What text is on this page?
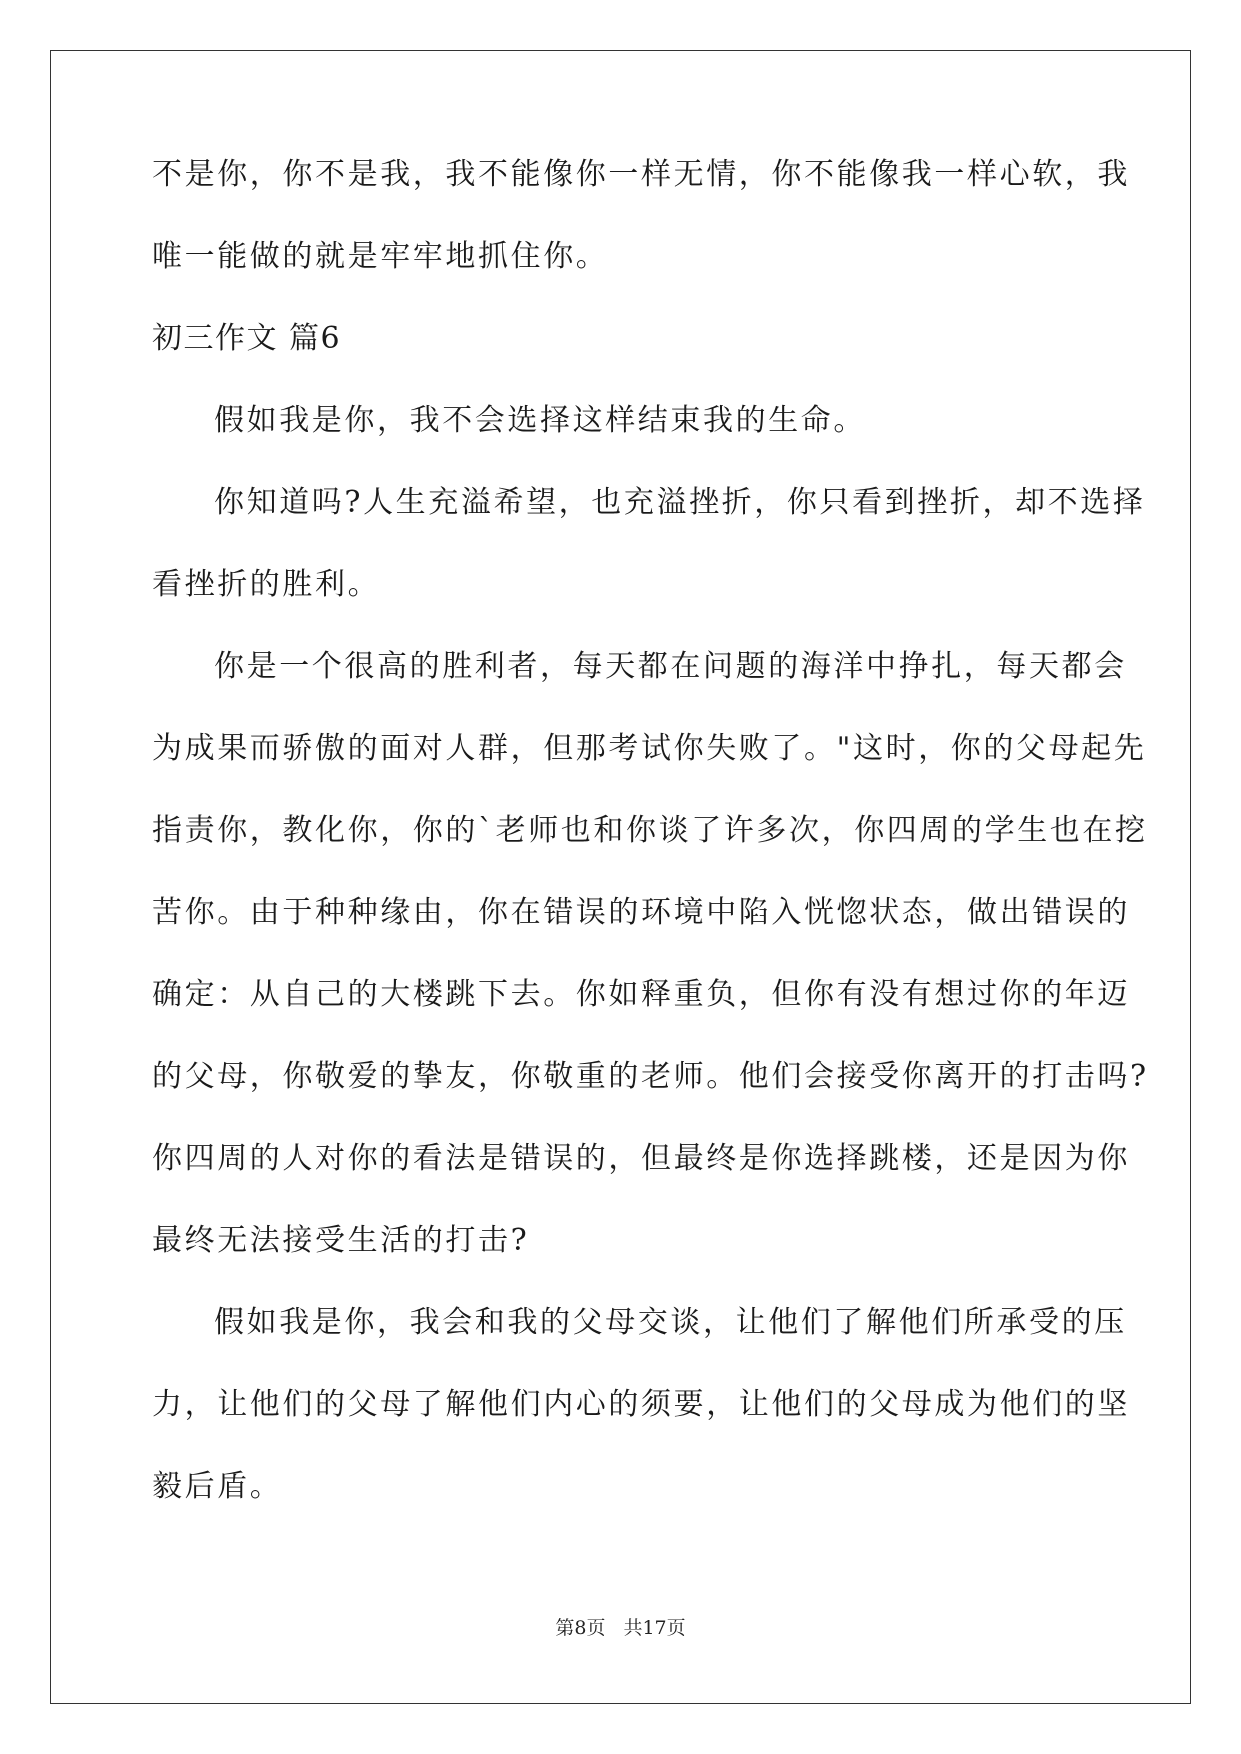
不是你，你不是我，我不能像你一样无情，你不能像我一样心软，我
唯一能做的就是牢牢地抓住你。
初三作文 篇6
假如我是你，我不会选择这样结束我的生命。
你知道吗?人生充溢希望，也充溢挫折，你只看到挫折，却不选择
看挫折的胜利。
你是一个很高的胜利者，每天都在问题的海洋中挣扎，每天都会
为成果而骄傲的面对人群，但那考试你失败了。"这时，你的父母起先
指责你，教化你，你的`老师也和你谈了许多次，你四周的学生也在挖
苦你。由于种种缘由，你在错误的环境中陷入恍惚状态，做出错误的
确定：从自己的大楼跳下去。你如释重负，但你有没有想过你的年迈
的父母，你敬爱的挚友，你敬重的老师。他们会接受你离开的打击吗?
你四周的人对你的看法是错误的，但最终是你选择跳楼，还是因为你
最终无法接受生活的打击?
假如我是你，我会和我的父母交谈，让他们了解他们所承受的压
力，让他们的父母了解他们内心的须要，让他们的父母成为他们的坚
毅后盾。
第8页 共17页
